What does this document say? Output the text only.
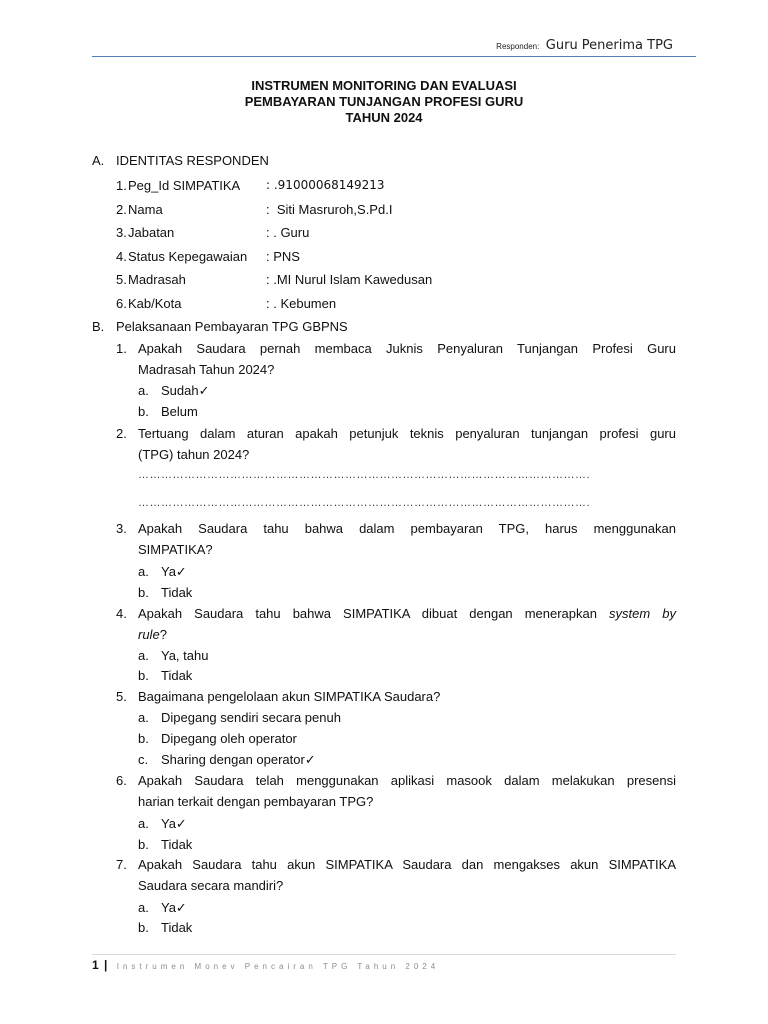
Responden: Guru Penerima TPG
INSTRUMEN MONITORING DAN EVALUASI
PEMBAYARAN TUNJANGAN PROFESI GURU
TAHUN 2024
A. IDENTITAS RESPONDEN
1. Peg_Id SIMPATIKA : .91000068149213
2. Nama	:  Siti Masruroh,S.Pd.I
3. Jabatan	: . Guru
4. Status Kepegawaian : PNS
5. Madrasah	: .MI Nurul Islam Kawedusan
6. Kab/Kota	: . Kebumen
B. Pelaksanaan Pembayaran TPG GBPNS
1. Apakah Saudara pernah membaca Juknis Penyaluran Tunjangan Profesi Guru
Madrasah Tahun 2024?
a. Sudah✓
b. Belum
2. Tertuang dalam aturan apakah petunjuk teknis penyaluran tunjangan profesi guru
(TPG) tahun 2024?
……………………………………………………………………………………………………….
……………………………………………………………………………………………………….
3. Apakah Saudara tahu bahwa dalam pembayaran TPG, harus menggunakan
SIMPATIKA?
a. Ya✓
b. Tidak
4. Apakah Saudara tahu bahwa SIMPATIKA dibuat dengan menerapkan system by
rule?
a. Ya, tahu
b. Tidak
5. Bagaimana pengelolaan akun SIMPATIKA Saudara?
a. Dipegang sendiri secara penuh
b. Dipegang oleh operator
c. Sharing dengan operator✓
6. Apakah Saudara telah menggunakan aplikasi masook dalam melakukan presensi
harian terkait dengan pembayaran TPG?
a. Ya✓
b. Tidak
7. Apakah Saudara tahu akun SIMPATIKA Saudara dan mengakses akun SIMPATIKA
Saudara secara mandiri?
a. Ya✓
b. Tidak
1 | Instrumen Monev Pencairan TPG Tahun 2024
